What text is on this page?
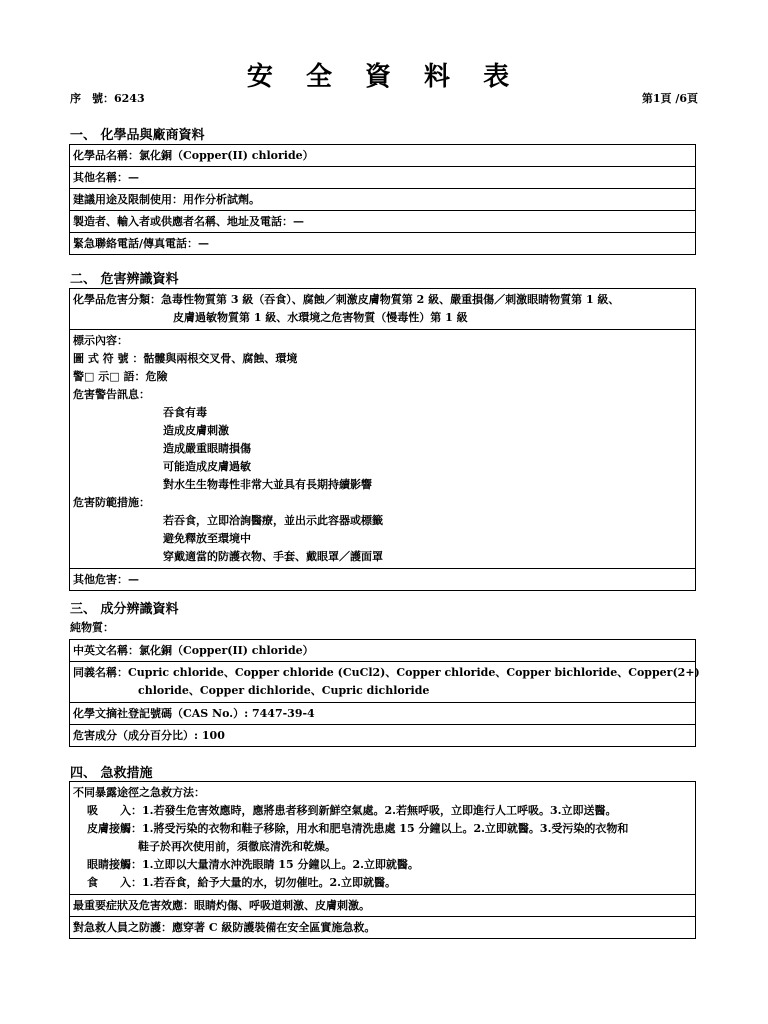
安 全 資 料 表
序　號：6243	第1頁 /6頁
一、 化學品與廠商資料
化學品名稱：氯化銅（Copper(II) chloride）
其他名稱：—
建議用途及限制使用：用作分析試劑。
製造者、輸入者或供應者名稱、地址及電話：—
緊急聯絡電話/傳真電話：—
二、 危害辨識資料
化學品危害分類：急毒性物質第 3 級（吞食）、腐蝕／刺激皮膚物質第 2 級、嚴重損傷／刺激眼睛物質第 1 級、
皮膚過敏物質第 1 級、水環境之危害物質（慢毒性）第 1 級
標示內容：
圖 式 符 號 ：骷髏與兩根交叉骨、腐蝕、環境
警□ 示□ 語：危險
危害警告訊息：
吞食有毒
造成皮膚刺激
造成嚴重眼睛損傷
可能造成皮膚過敏
對水生生物毒性非常大並具有長期持續影響
危害防範措施：
若吞食，立即洽詢醫療，並出示此容器或標籤
避免釋放至環境中
穿戴適當的防護衣物、手套、戴眼罩／護面罩
其他危害：—
三、 成分辨識資料
純物質：
中英文名稱：氯化銅（Copper(II) chloride）
同義名稱：Cupric chloride、Copper chloride (CuCl2)、Copper chloride、Copper bichloride、Copper(2+)
chloride、Copper dichloride、Cupric dichloride
化學文摘社登記號碼（CAS No.）: 7447-39-4
危害成分（成分百分比）: 100
四、 急救措施
不同暴露途徑之急救方法：
吸　　入：1.若發生危害效應時，應將患者移到新鮮空氣處。2.若無呼吸，立即進行人工呼吸。3.立即送醫。
皮膚接觸：1.將受污染的衣物和鞋子移除，用水和肥皂清洗患處 15 分鐘以上。2.立即就醫。3.受污染的衣物和
鞋子於再次使用前，須徹底清洗和乾燥。
眼睛接觸：1.立即以大量清水沖洗眼睛 15 分鐘以上。2.立即就醫。
食　　入：1.若吞食，給予大量的水，切勿催吐。2.立即就醫。
最重要症狀及危害效應：眼睛灼傷、呼吸道刺激、皮膚刺激。
對急救人員之防護：應穿著 C 級防護裝備在安全區實施急救。
